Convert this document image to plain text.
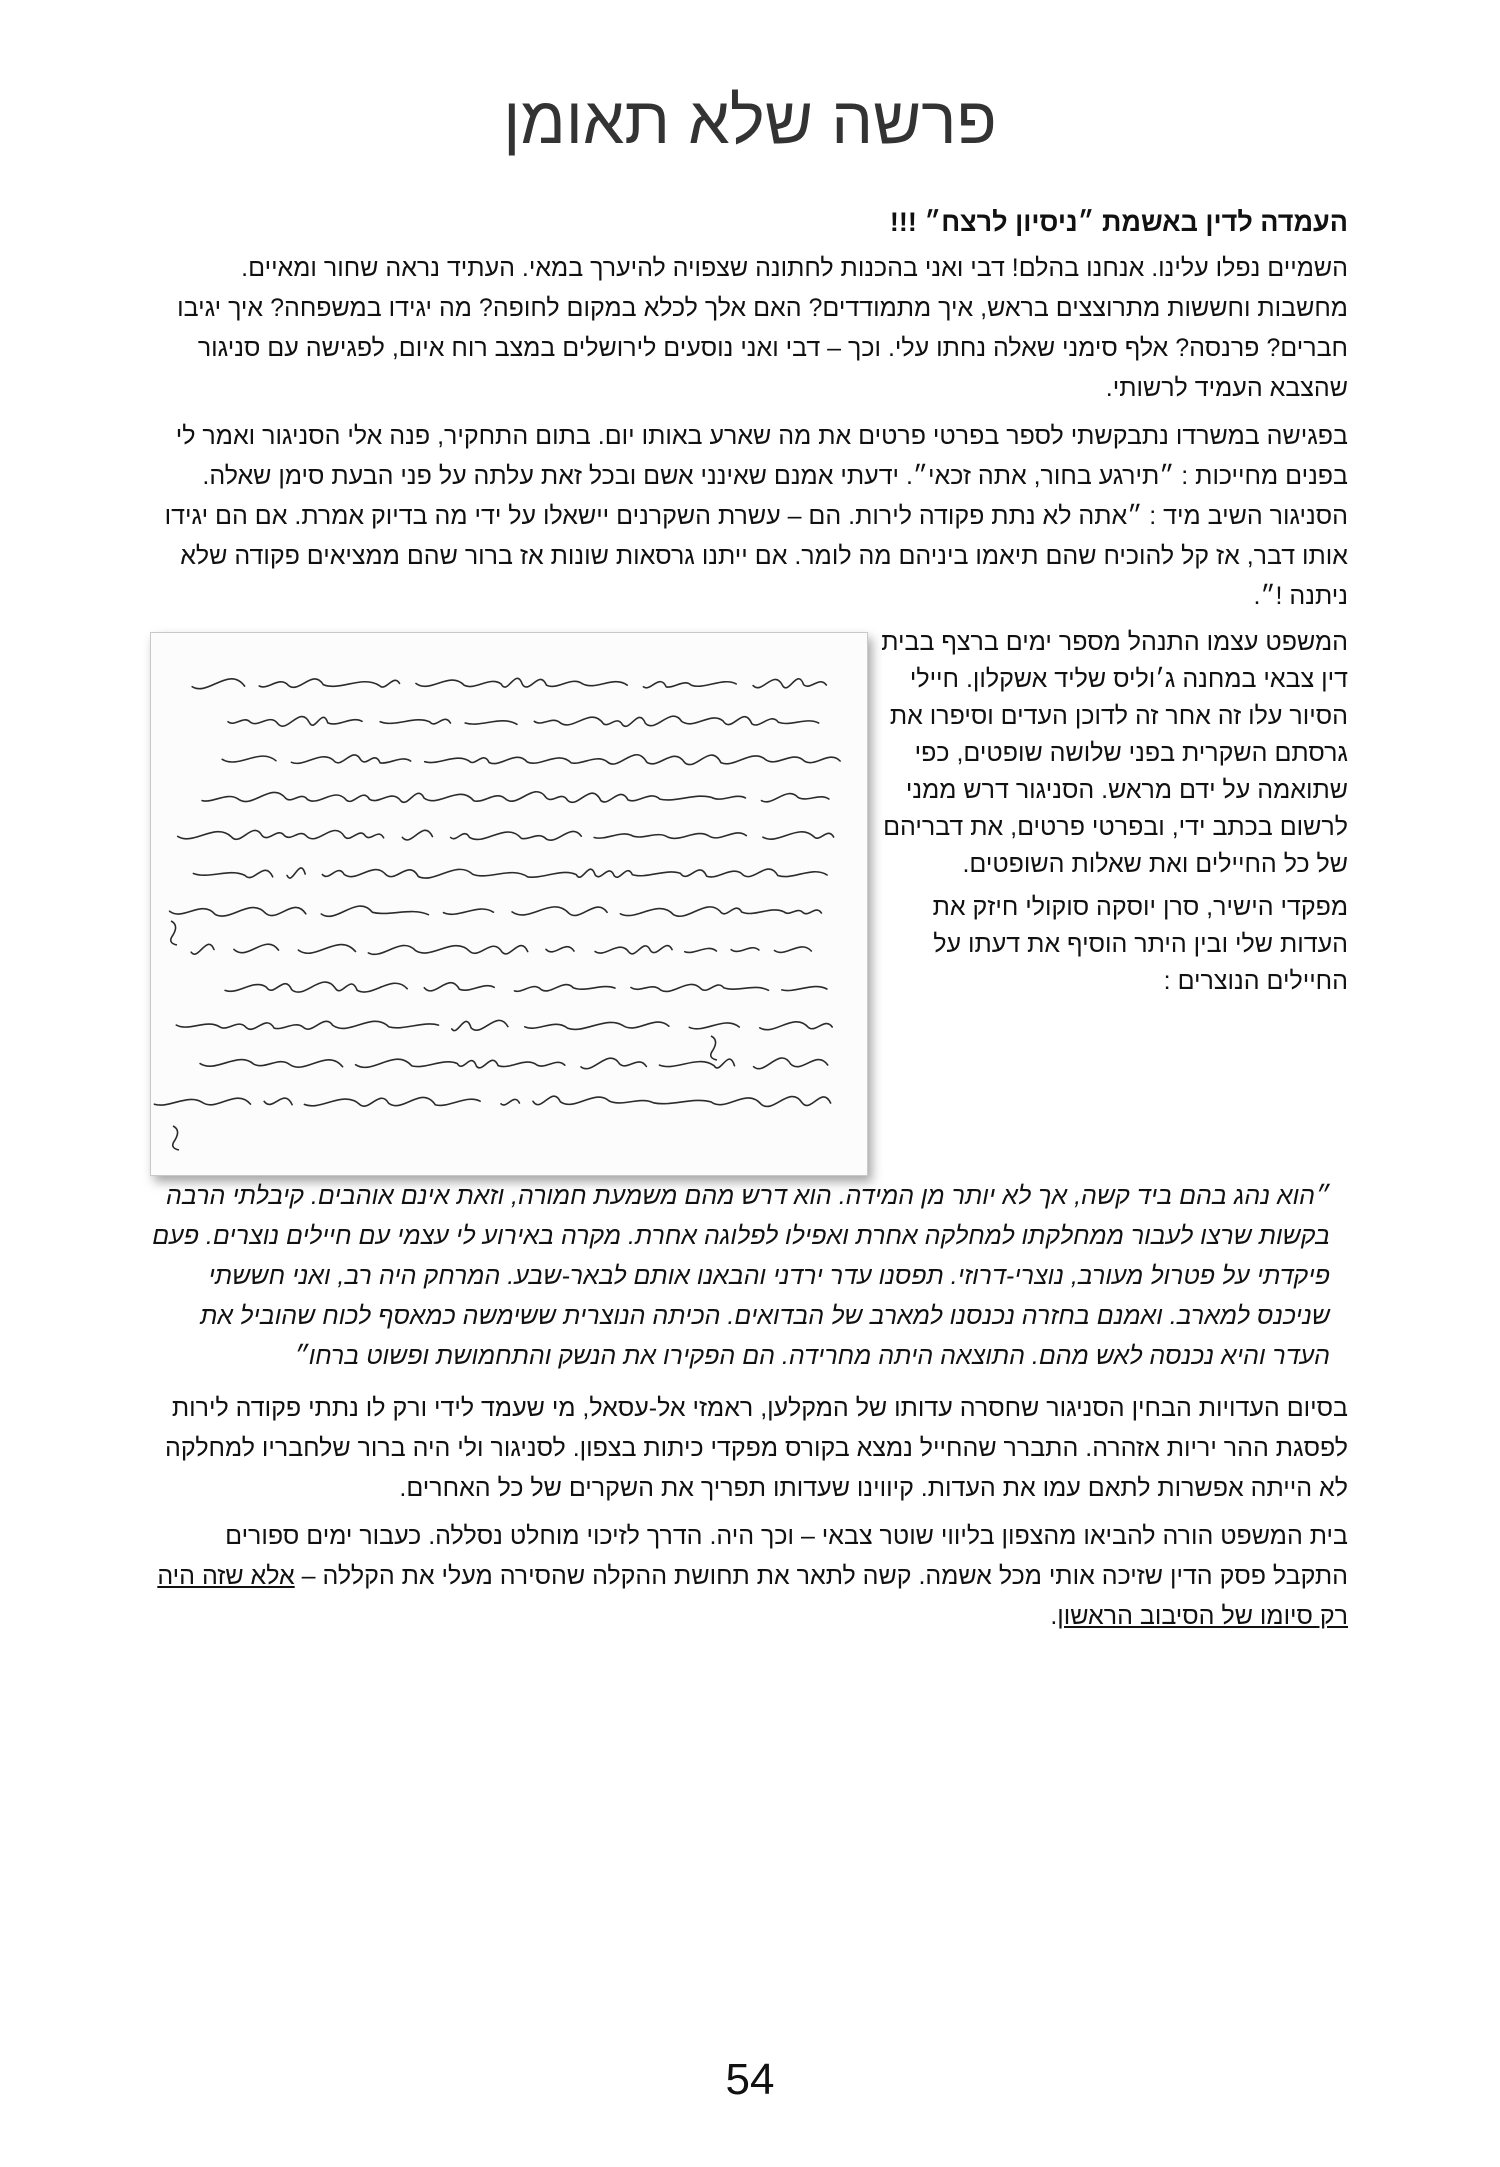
פרשה שלא תאומן
העמדה לדין באשמת ״ניסיון לרצח״ !!!

השמיים נפלו עלינו. אנחנו בהלם! דבי ואני בהכנות לחתונה שצפויה להיערך במאי. העתיד נראה שחור ומאיים. מחשבות וחששות מתרוצצים בראש, איך מתמודדים? האם אלך לכלא במקום לחופה? מה יגידו במשפחה? איך יגיבו חברים? פרנסה? אלף סימני שאלה נחתו עלי. וכך – דבי ואני נוסעים לירושלים במצב רוח איום, לפגישה עם סניגור שהצבא העמיד לרשותי.

בפגישה במשרדו נתבקשתי לספר בפרטי פרטים את מה שארע באותו יום. בתום התחקיר, פנה אלי הסניגור ואמר לי בפנים מחייכות : ״תירגע בחור, אתה זכאי״. ידעתי אמנם שאינני אשם ובכל זאת עלתה על פני הבעת סימן שאלה. הסניגור השיב מיד : ״אתה לא נתת פקודה לירות. הם – עשרת השקרנים יישאלו על ידי מה בדיוק אמרת. אם הם יגידו אותו דבר, אז קל להוכיח שהם תיאמו ביניהם מה לומר. אם ייתנו גרסאות שונות אז ברור שהם ממציאים פקודה שלא ניתנה !״.

המשפט עצמו התנהל מספר ימים ברצף בבית דין צבאי במחנה ג׳וליס שליד אשקלון. חיילי הסיור עלו זה אחר זה לדוכן העדים וסיפרו את גרסתם השקרית בפני שלושה שופטים, כפי שתואמה על ידם מראש. הסניגור דרש ממני לרשום בכתב ידי, ובפרטי פרטים, את דבריהם של כל החיילים ואת שאלות השופטים.

מפקדי הישיר, סרן יוסקה סוקולי חיזק את העדות שלי ובין היתר הוסיף את דעתו על החיילים הנוצרים :

״הוא נהג בהם ביד קשה, אך לא יותר מן המידה. הוא דרש מהם משמעת חמורה, וזאת אינם אוהבים. קיבלתי הרבה בקשות שרצו לעבור ממחלקתו למחלקה אחרת ואפילו לפלוגה אחרת. מקרה באירוע לי עצמי עם חיילים נוצרים. פעם פיקדתי על פטרול מעורב, נוצרי-דרוזי. תפסנו עדר ירדני והבאנו אותם לבאר-שבע. המרחק היה רב, ואני חששתי שניכנס למארב. ואמנם בחזרה נכנסנו למארב של הבדואים. הכיתה הנוצרית ששימשה כמאסף לכוח שהוביל את העדר והיא נכנסה לאש מהם. התוצאה היתה מחרידה. הם הפקירו את הנשק והתחמושת ופשוט ברחו״

בסיום העדויות הבחין הסניגור שחסרה עדותו של המקלען, ראמזי אל-עסאל, מי שעמד לידי ורק לו נתתי פקודה לירות לפסגת ההר יריות אזהרה. התברר שהחייל נמצא בקורס מפקדי כיתות בצפון. לסניגור ולי היה ברור שלחבריו למחלקה לא הייתה אפשרות לתאם עמו את העדות. קיווינו שעדותו תפריך את השקרים של כל האחרים.

בית המשפט הורה להביאו מהצפון בליווי שוטר צבאי – וכך היה. הדרך לזיכוי מוחלט נסללה. כעבור ימים ספורים התקבל פסק הדין שזיכה אותי מכל אשמה. קשה לתאר את תחושת ההקלה שהסירה מעלי את הקללה – אלא שזה היה רק סיומו של הסיבוב הראשון.

54
